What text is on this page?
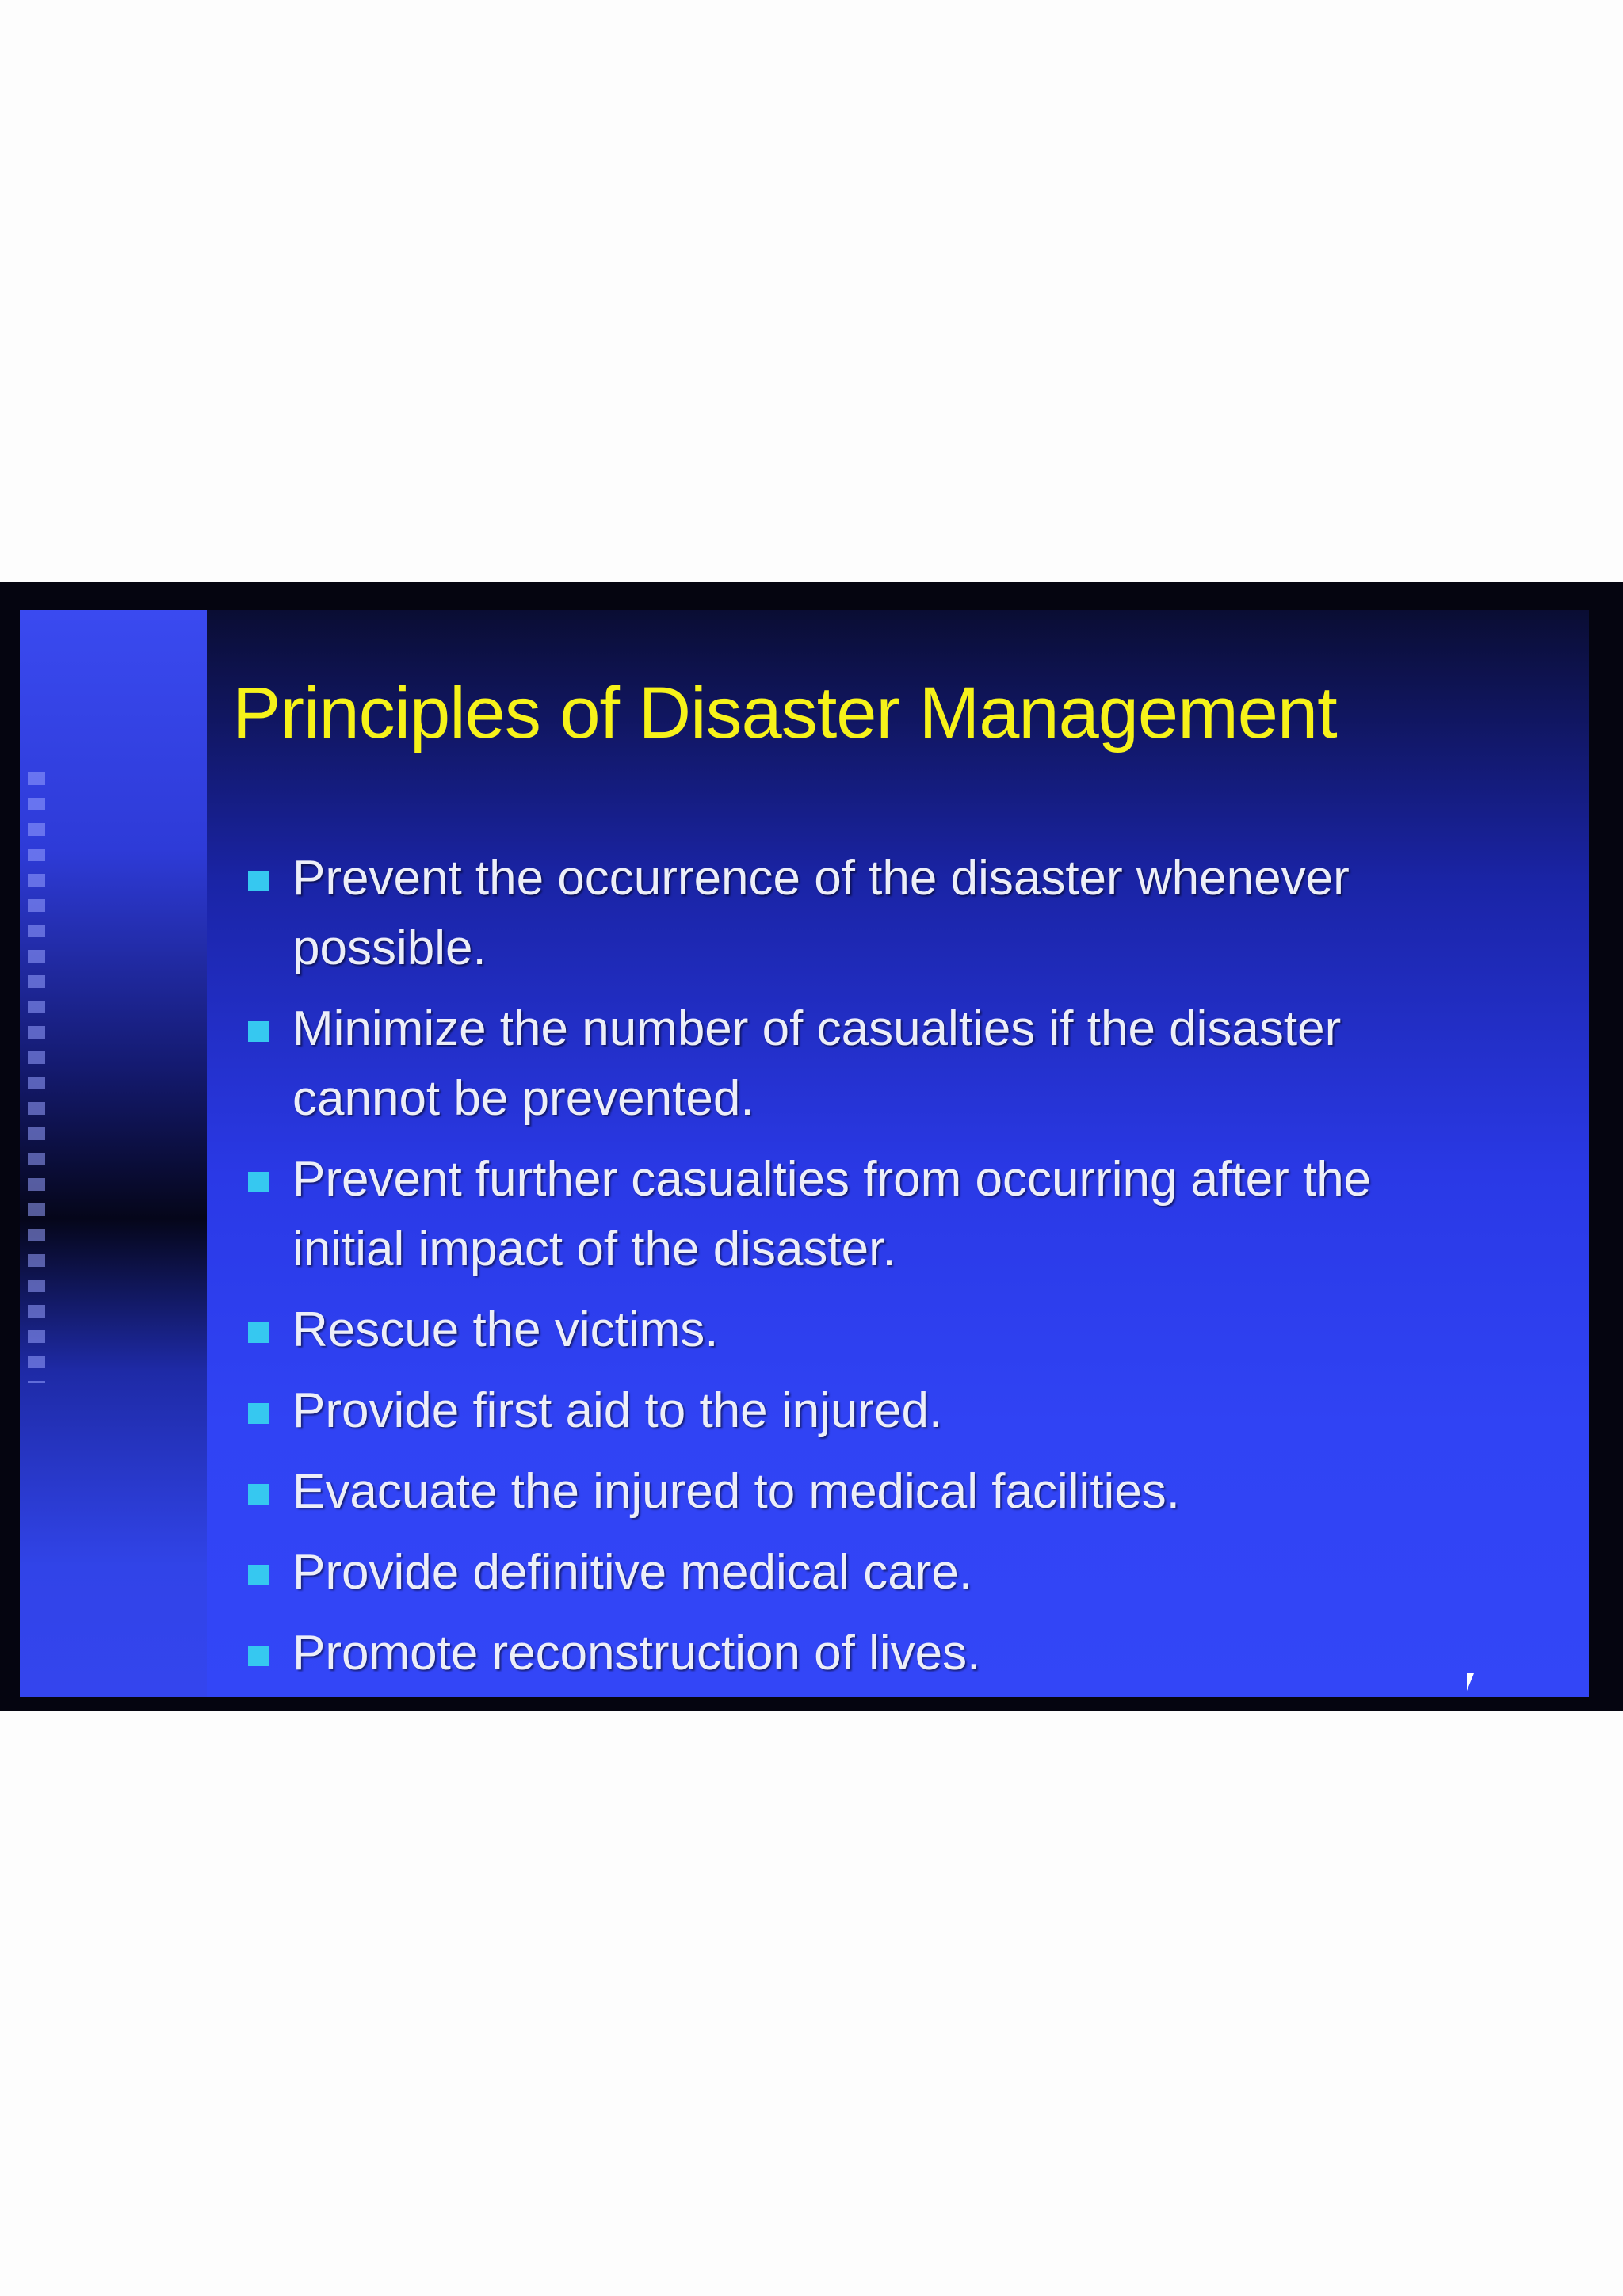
Principles of Disaster Management
Prevent the occurrence of the disaster whenever
possible.
Minimize the number of casualties if the disaster
cannot be prevented.
Prevent further casualties from occurring after the
initial impact of the disaster.
Rescue the victims.
Provide first aid to the injured.
Evacuate the injured to medical facilities.
Provide definitive medical care.
Promote reconstruction of lives.
